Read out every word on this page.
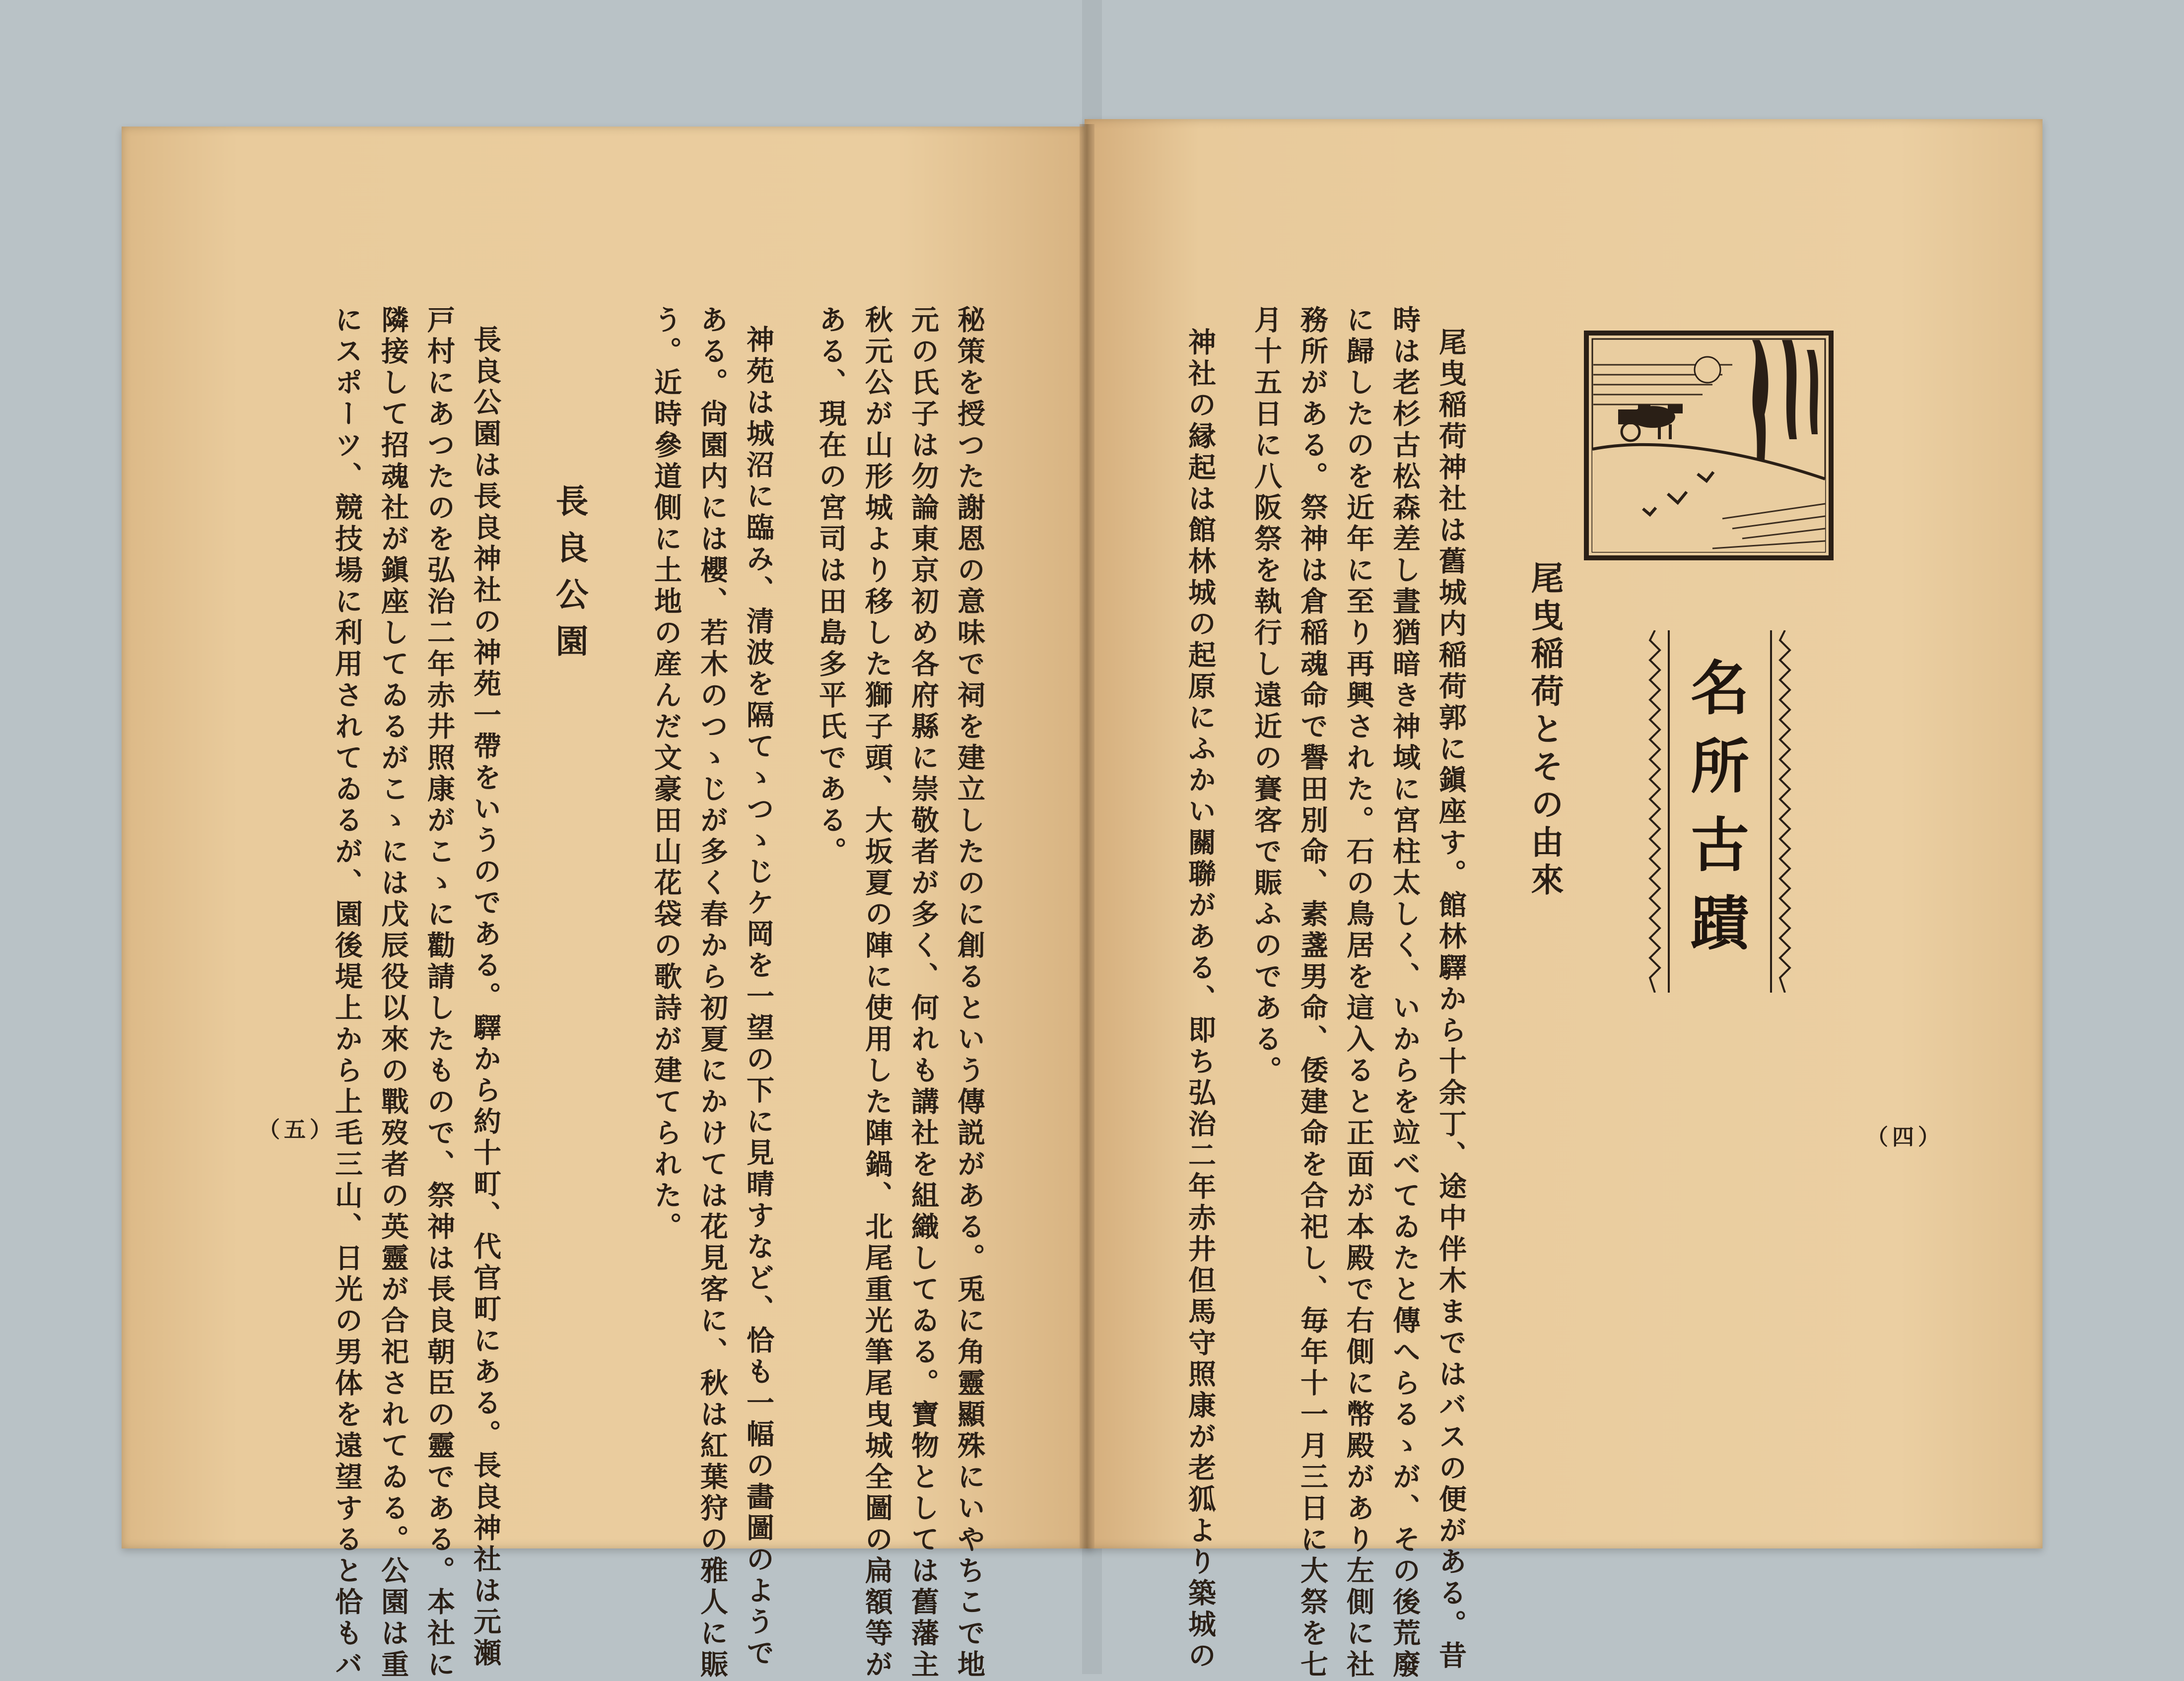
秘策を授つた謝恩の意味で祠を建立したのに創るという傳説がある。兎に角靈顯殊にいやちこで地
元の氏子は勿論東京初め各府縣に崇敬者が多く、何れも講社を組織してゐる。寶物としては舊藩主
秋元公が山形城より移した獅子頭、大坂夏の陣に使用した陣鍋、北尾重光筆尾曳城全圖の扁額等が
ある、現在の宮司は田島多平氏である。
神苑は城沼に臨み、清波を隔てゝつゝじケ岡を一望の下に見晴すなど、恰も一幅の畵圖のようで
ある。尙園内には櫻、若木のつゝじが多く春から初夏にかけては花見客に、秋は紅葉狩の雅人に賑
う。近時參道側に土地の産んだ文豪田山花袋の歌詩が建てられた。
長良公園
長良公園は長良神社の神苑一帶をいうのである。驛から約十町、代官町にある。長良神社は元瀬
戸村にあつたのを弘治二年赤井照康がこゝに勸請したもので、祭神は長良朝臣の靈である。本社に
隣接して招魂社が鎭座してゐるがこゝには戊辰役以來の戰歿者の英靈が合祀されてゐる。公園は重
にスポーツ、競技場に利用されてゐるが、園後堤上から上毛三山、日光の男体を遠望すると恰もバ
（五）
名所古蹟
尾曳稲荷とその由來
尾曳稲荷神社は舊城内稲荷郭に鎭座す。館林驛から十余丁、途中伴木まではバスの便がある。昔
時は老杉古松森差し晝猶暗き神域に宮柱太しく、いからを竝べてゐたと傳へらるゝが、その後荒廢
に歸したのを近年に至り再興された。石の鳥居を這入ると正面が本殿で右側に幣殿があり左側に社
務所がある。祭神は倉稲魂命で譽田別命、素盞男命、倭建命を合祀し、毎年十一月三日に大祭を七
月十五日に八阪祭を執行し遠近の賽客で賑ふのである。
神社の縁起は館林城の起原にふかい關聯がある、即ち弘治二年赤井但馬守照康が老狐より築城の	（四）
